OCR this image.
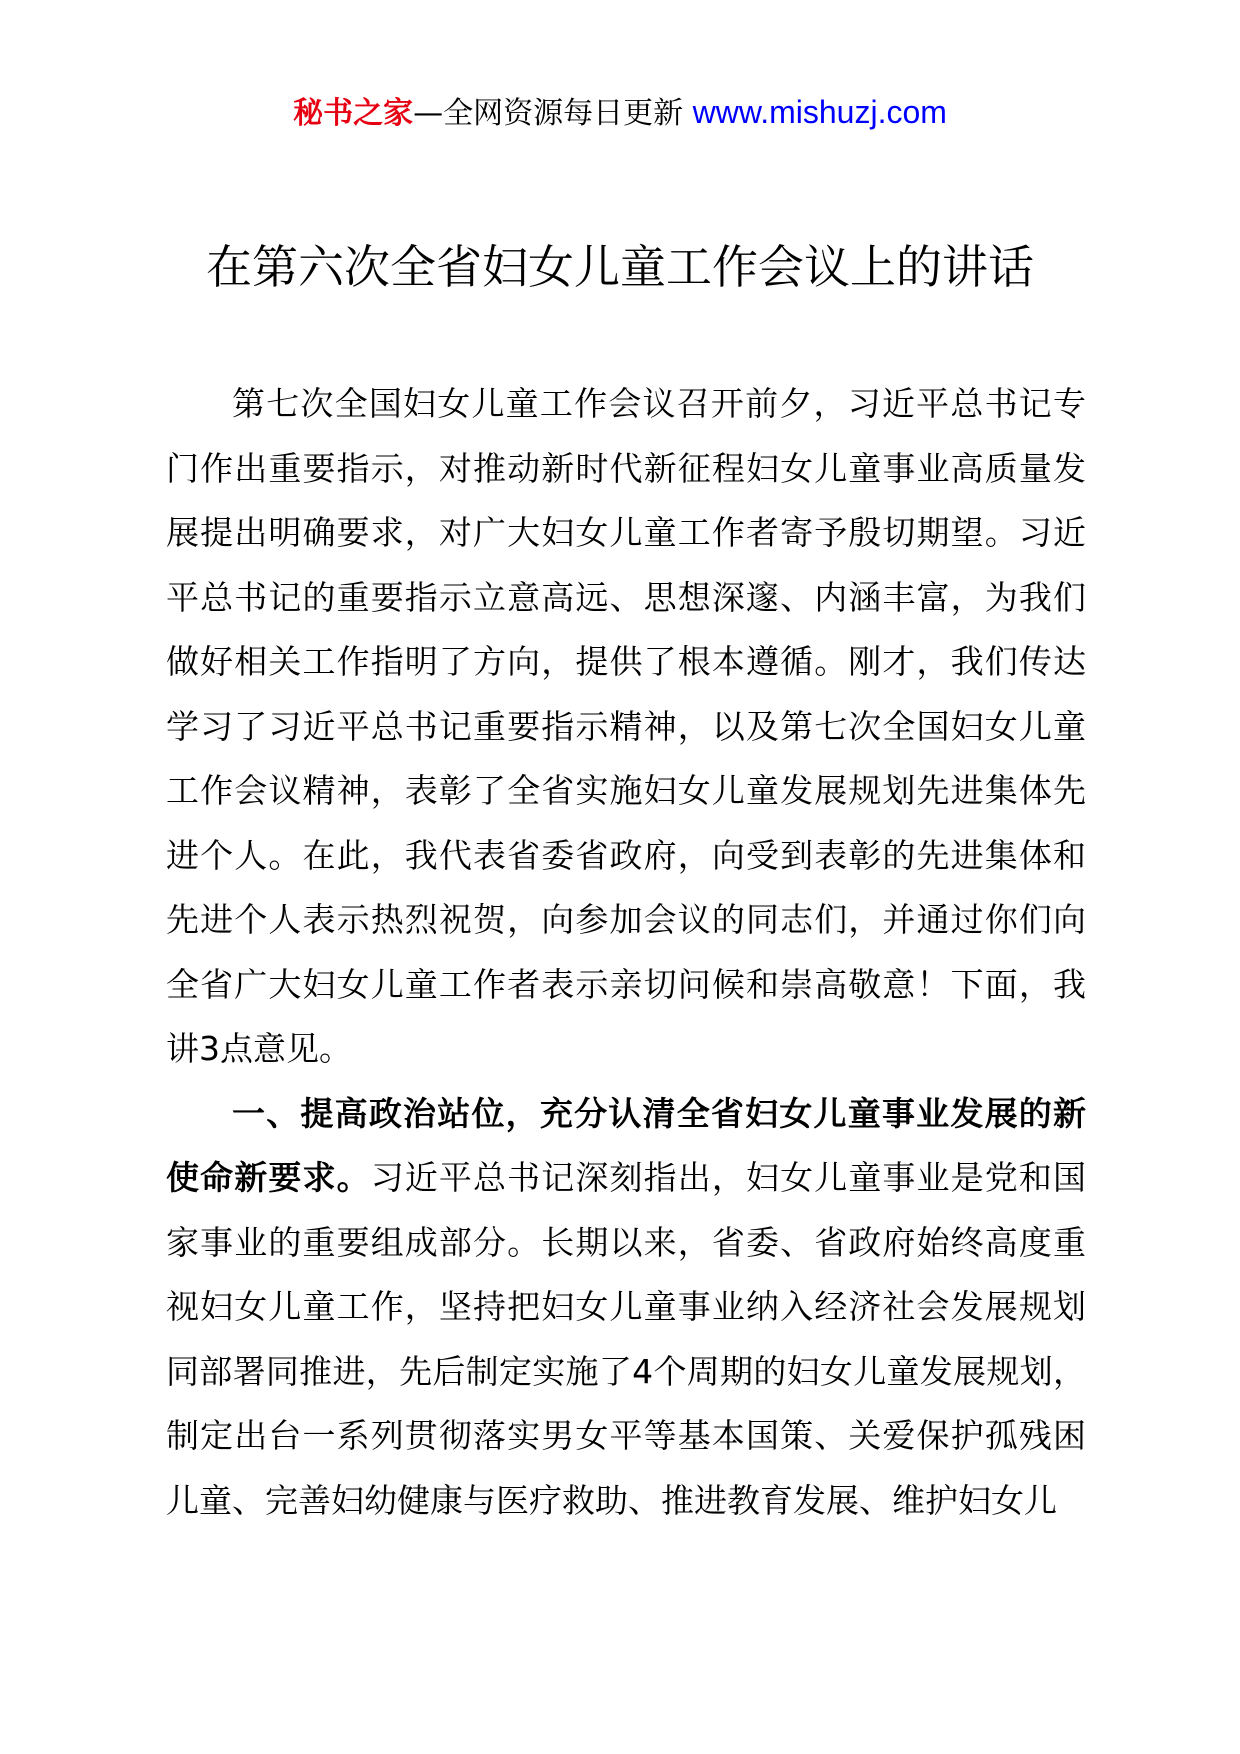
秘书之家—全网资源每日更新 www.mishuzj.com
在第六次全省妇女儿童工作会议上的讲话

第七次全国妇女儿童工作会议召开前夕，习近平总书记专门作出重要指示，对推动新时代新征程妇女儿童事业高质量发展提出明确要求，对广大妇女儿童工作者寄予殷切期望。习近平总书记的重要指示立意高远、思想深邃、内涵丰富，为我们做好相关工作指明了方向，提供了根本遵循。刚才，我们传达学习了习近平总书记重要指示精神，以及第七次全国妇女儿童工作会议精神，表彰了全省实施妇女儿童发展规划先进集体先进个人。在此，我代表省委省政府，向受到表彰的先进集体和先进个人表示热烈祝贺，向参加会议的同志们，并通过你们向全省广大妇女儿童工作者表示亲切问候和崇高敬意！下面，我讲3点意见。

一、提高政治站位，充分认清全省妇女儿童事业发展的新使命新要求。习近平总书记深刻指出，妇女儿童事业是党和国家事业的重要组成部分。长期以来，省委、省政府始终高度重视妇女儿童工作，坚持把妇女儿童事业纳入经济社会发展规划同部署同推进，先后制定实施了4个周期的妇女儿童发展规划，制定出台一系列贯彻落实男女平等基本国策、关爱保护孤残困儿童、完善妇幼健康与医疗救助、推进教育发展、维护妇女儿
